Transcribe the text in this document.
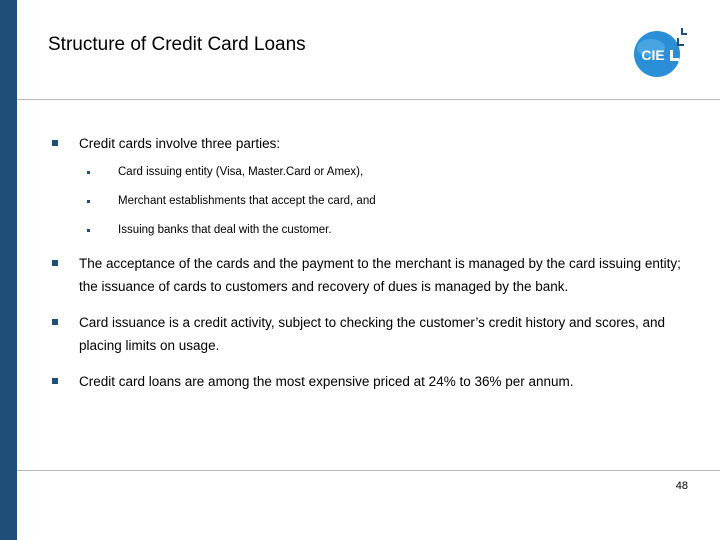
Structure of Credit Card Loans	CIE
Credit cards involve three parties:
Card issuing entity (Visa, Master.Card or Amex),
Merchant establishments that accept the card, and
Issuing banks that deal with the customer.
The acceptance of the cards and the payment to the merchant is managed by the card issuing entity; the issuance of cards to customers and recovery of dues is managed by the bank.
Card issuance is a credit activity, subject to checking the customer’s credit history and scores, and placing limits on usage.
Credit card loans are among the most expensive priced at 24% to 36% per annum.
48
